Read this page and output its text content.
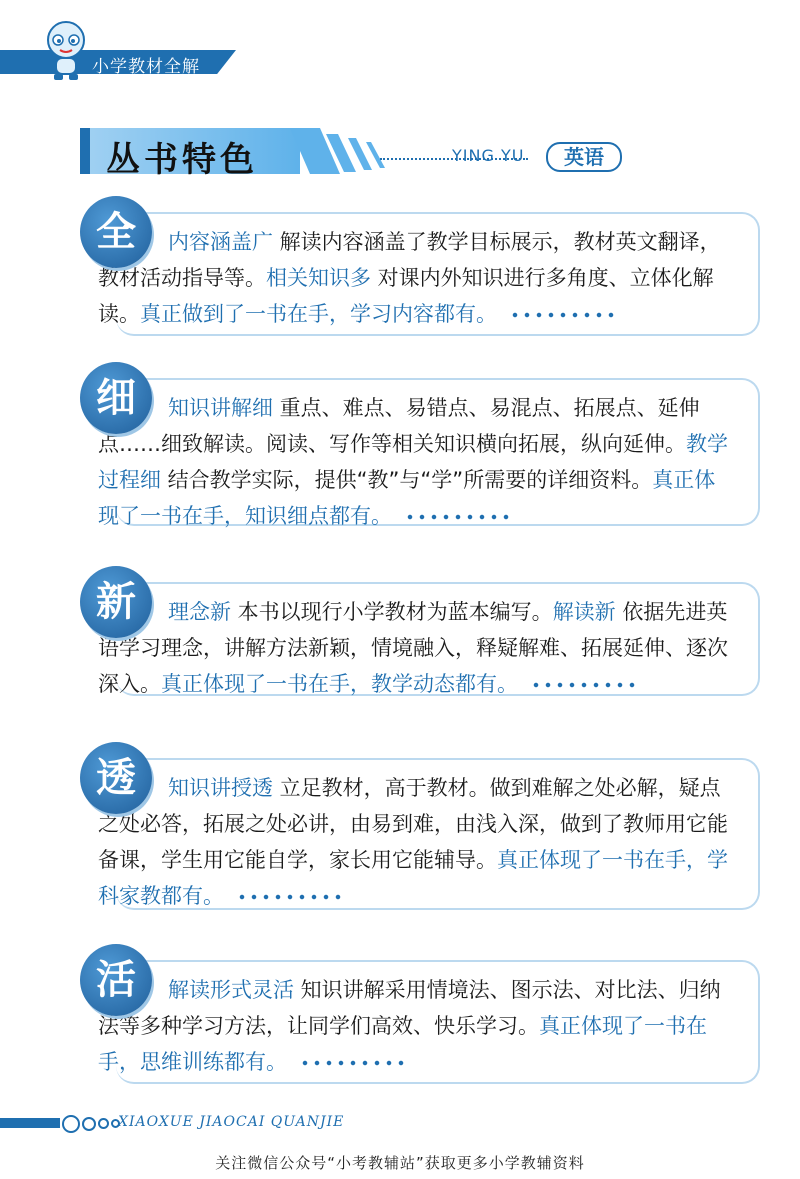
小学教材全解
丛书特色	YING YU	英语
全	内容涵盖广 解读内容涵盖了教学目标展示，教材英文翻译，教材活动指导等。相关知识多 对课内外知识进行多角度、立体化解读。真正做到了一书在手，学习内容都有。
细	知识讲解细 重点、难点、易错点、易混点、拓展点、延伸点……细致解读。阅读、写作等相关知识横向拓展，纵向延伸。教学过程细 结合教学实际，提供“教”与“学”所需要的详细资料。真正体现了一书在手，知识细点都有。
新	理念新 本书以现行小学教材为蓝本编写。解读新 依据先进英语学习理念，讲解方法新颖，情境融入，释疑解难、拓展延伸、逐次深入。真正体现了一书在手，教学动态都有。
透	知识讲授透 立足教材，高于教材。做到难解之处必解，疑点之处必答，拓展之处必讲，由易到难，由浅入深，做到了教师用它能备课，学生用它能自学，家长用它能辅导。真正体现了一书在手，学科家教都有。
活	解读形式灵活 知识讲解采用情境法、图示法、对比法、归纳法等多种学习方法，让同学们高效、快乐学习。真正体现了一书在手，思维训练都有。
XIAOXUE JIAOCAI QUANJIE
关注微信公众号“小考教辅站”获取更多小学教辅资料
